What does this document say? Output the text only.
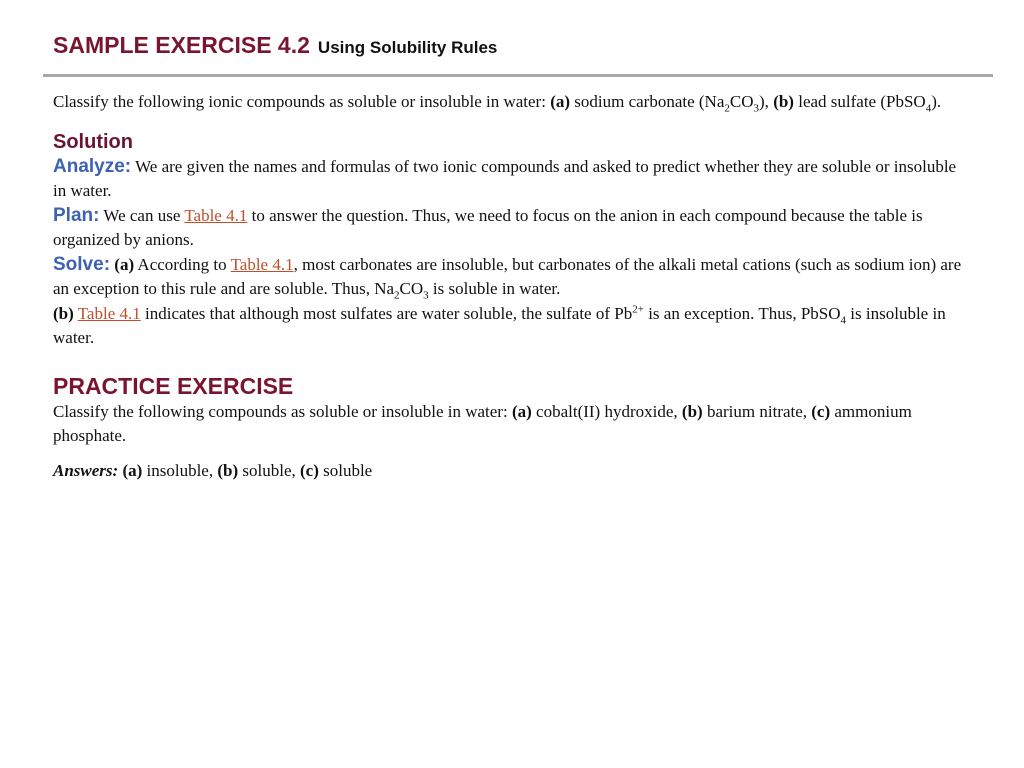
SAMPLE EXERCISE 4.2 Using Solubility Rules

Classify the following ionic compounds as soluble or insoluble in water: (a) sodium carbonate $(Na_2CO_3)$, (b) lead sulfate (PbSO$_4$).

Solution

Analyze: We are given the names and formulas of two ionic compounds and asked to predict whether they are soluble or insoluble in water.

Plan: We can use Table 4.1 to answer the question. Thus, we need to focus on the anion in each compound because the table is organized by anions.

Solve: (a) According to Table 4.1, most carbonates are insoluble, but carbonates of the alkali metal cations (such as sodium ion) are an exception to this rule and are soluble. Thus, $Na_2CO_3$ is soluble in water.

(b) Table 4.1 indicates that although most sulfates are water soluble, the sulfate of $Pb^{2+}$ is an exception. Thus, PbSO$_4$ is insoluble in water.

PRACTICE EXERCISE

Classify the following compounds as soluble or insoluble in water: (a) cobalt(II) hydroxide, (b) barium nitrate, (c) ammonium phosphate.

Answers: (a) insoluble, (b) soluble, (c) soluble
